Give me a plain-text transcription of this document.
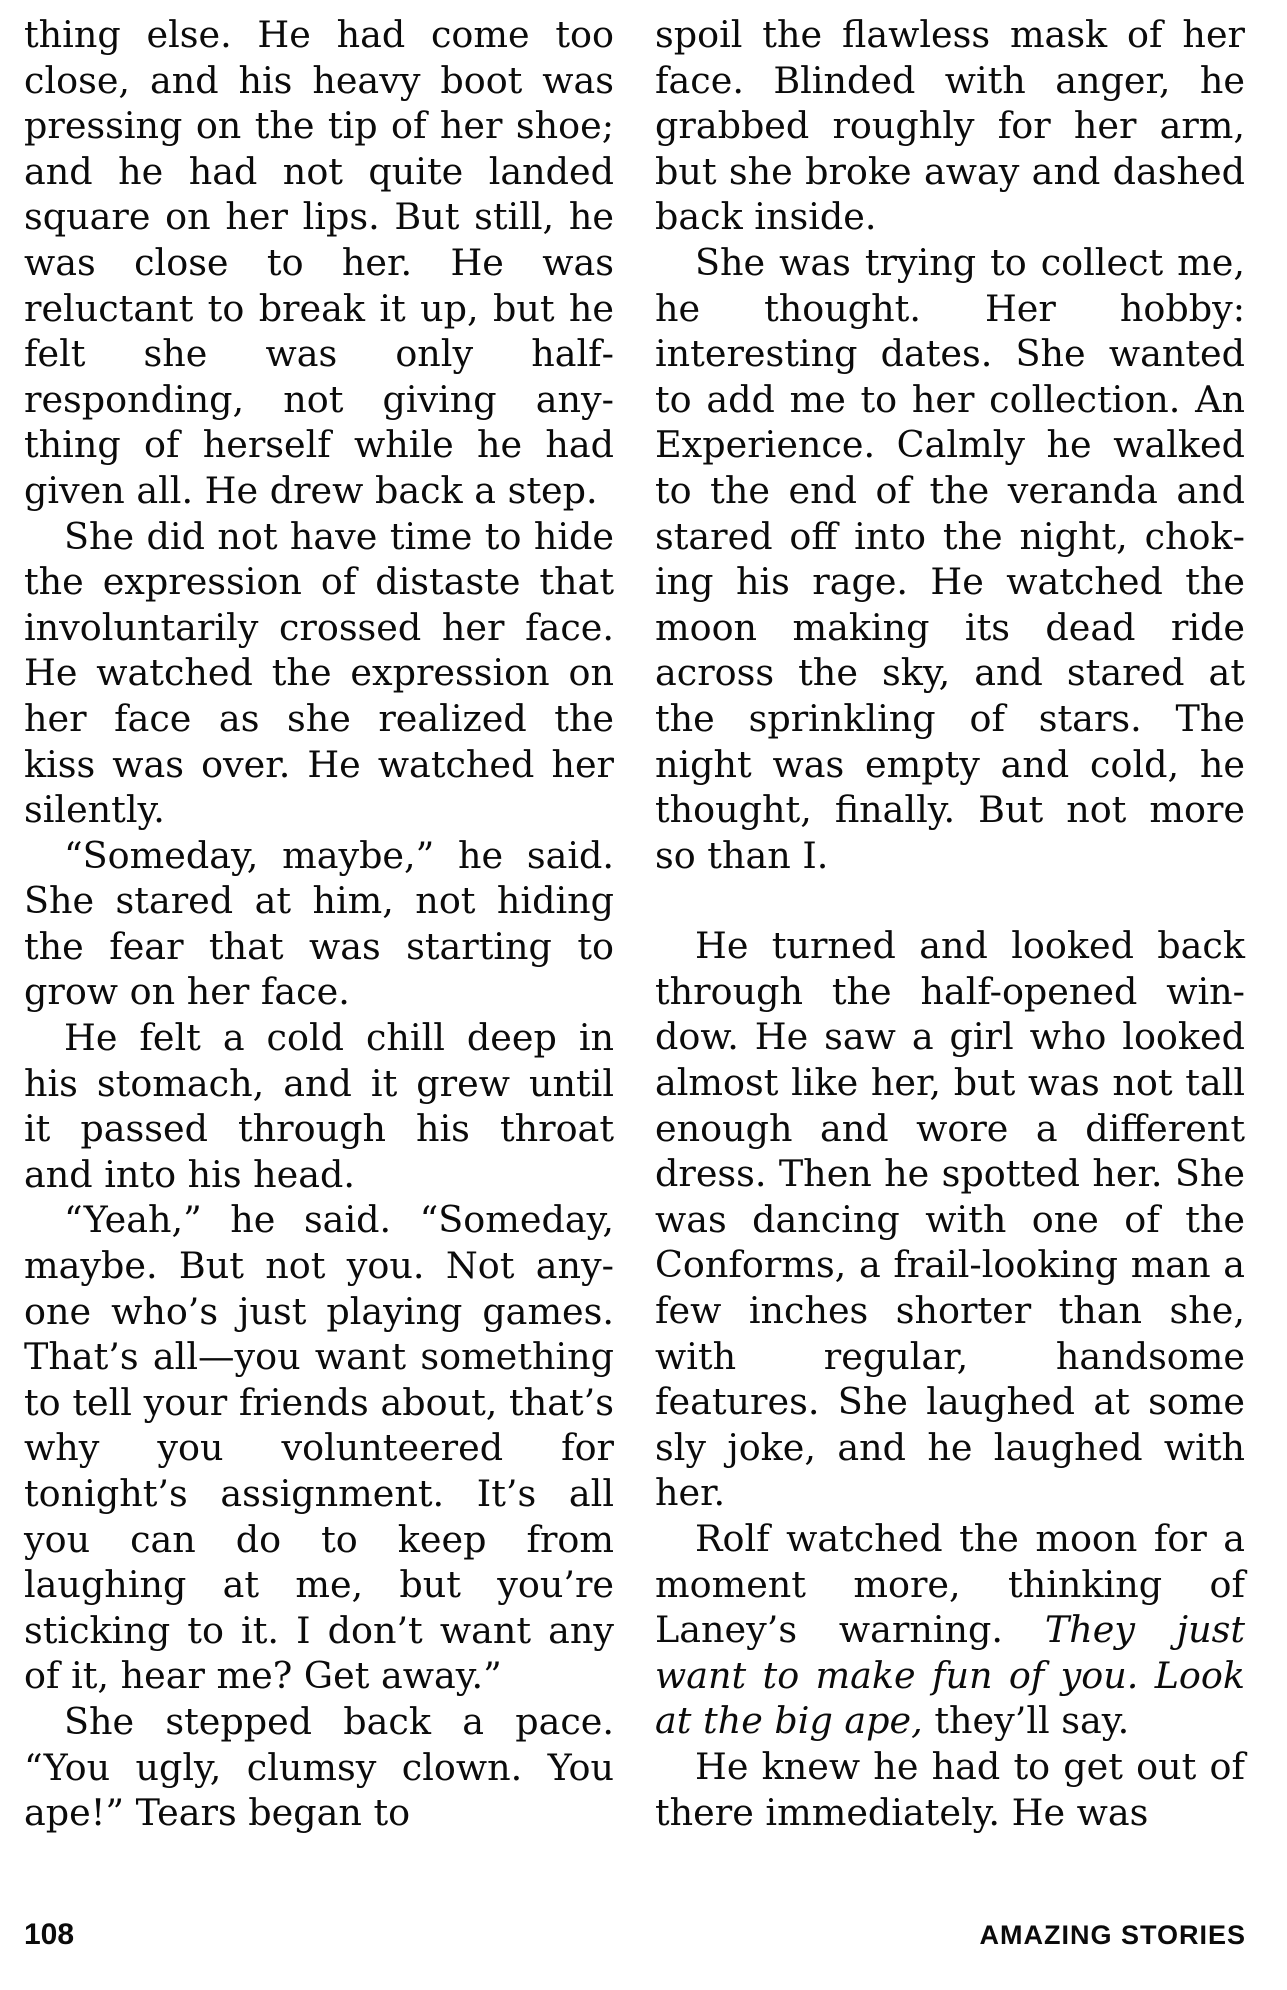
thing else. He had come too close, and his heavy boot was pressing on the tip of her shoe; and he had not quite landed square on her lips. But still, he was close to her. He was reluctant to break it up, but he felt she was only halfresponding, not giving anything of herself while he had given all. He drew back a step.

She did not have time to hide the expression of distaste that involuntarily crossed her face. He watched the expression on her face as she realized the kiss was over. He watched her silently.

“Someday, maybe,” he said. She stared at him, not hiding the fear that was starting to grow on her face.

He felt a cold chill deep in his stomach, and it grew until it passed through his throat and into his head.

“Yeah,” he said. “Someday, maybe. But not you. Not anyone who’s just playing games. That’s all—you want something to tell your friends about, that’s why you volunteered for tonight’s assignment. It’s all you can do to keep from laughing at me, but you’re sticking to it. I don’t want any of it, hear me? Get away.”

She stepped back a pace. “You ugly, clumsy clown. You ape!” Tears began to

spoil the flawless mask of her face. Blinded with anger, he grabbed roughly for her arm, but she broke away and dashed back inside.

She was trying to collect me, he thought. Her hobby: interesting dates. She wanted to add me to her collection. An Experience. Calmly he walked to the end of the veranda and stared off into the night, choking his rage. He watched the moon making its dead ride across the sky, and stared at the sprinkling of stars. The night was empty and cold, he thought, finally. But not more so than I.

He turned and looked back through the half-opened window. He saw a girl who looked almost like her, but was not tall enough and wore a different dress. Then he spotted her. She was dancing with one of the Conforms, a frail-looking man a few inches shorter than she, with regular, handsome features. She laughed at some sly joke, and he laughed with her.

Rolf watched the moon for a moment more, thinking of Laney’s warning. They just want to make fun of you. Look at the big ape, they’ll say.

He knew he had to get out of there immediately. He was

108	AMAZING STORIES
